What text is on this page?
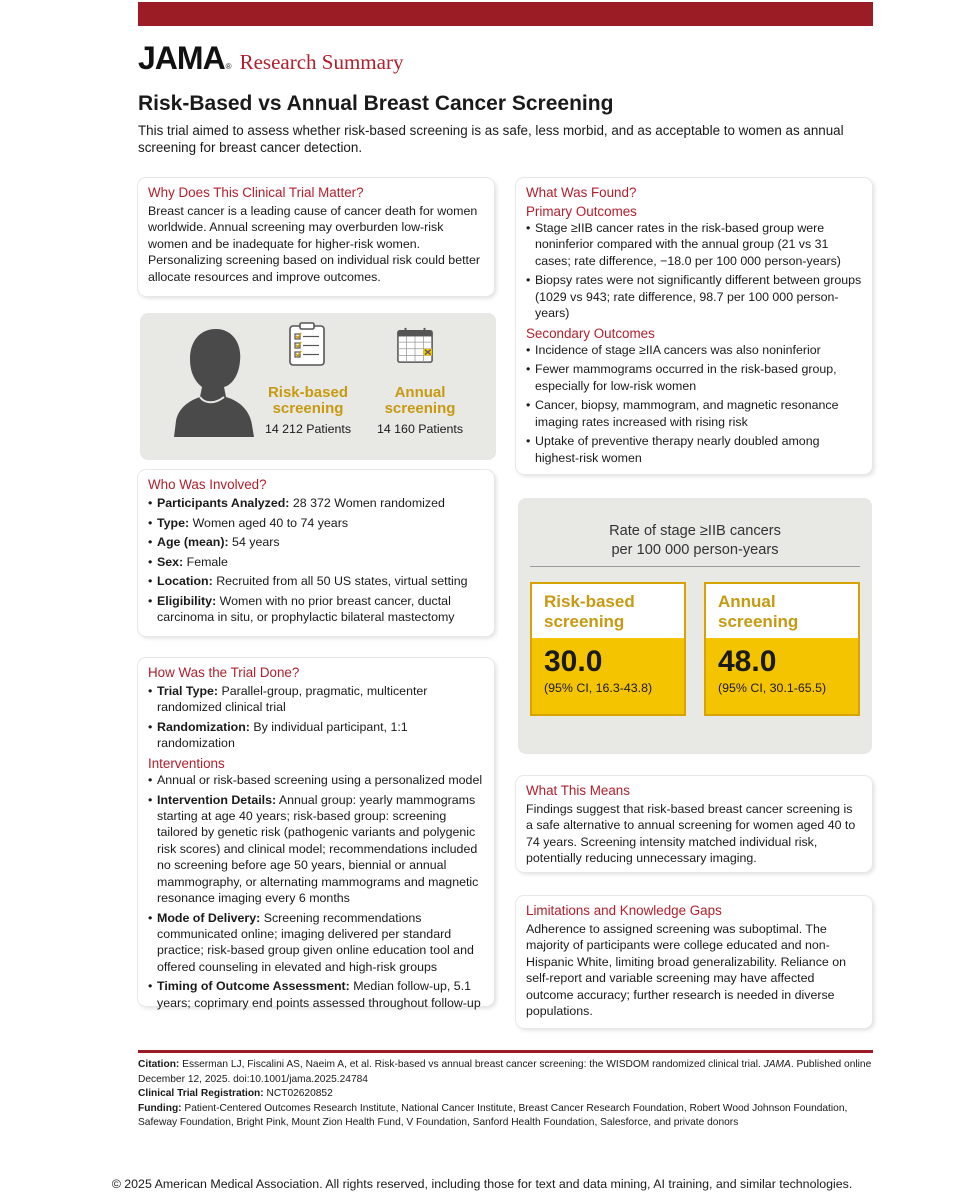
JAMA ® Research Summary
Risk-Based vs Annual Breast Cancer Screening
This trial aimed to assess whether risk-based screening is as safe, less morbid, and as acceptable to women as annual screening for breast cancer detection.
Why Does This Clinical Trial Matter?

Breast cancer is a leading cause of cancer death for women worldwide. Annual screening may overburden low-risk women and be inadequate for higher-risk women. Personalizing screening based on individual risk could better allocate resources and improve outcomes.

Risk-based
screening
14 212 Patients
Annual
screening
14 160 Patients
Who Was Involved?
• Participants Analyzed: 28 372 Women randomized
• Type: Women aged 40 to 74 years
• Age (mean): 54 years
• Sex: Female
• Location: Recruited from all 50 US states, virtual setting
• Eligibility: Women with no prior breast cancer, ductal carcinoma in situ, or prophylactic bilateral mastectomy
How Was the Trial Done?
• Trial Type: Parallel-group, pragmatic, multicenter randomized clinical trial
• Randomization: By individual participant, 1:1 randomization
Interventions
• Annual or risk-based screening using a personalized model
• Intervention Details: Annual group: yearly mammograms starting at age 40 years; risk-based group: screening tailored by genetic risk (pathogenic variants and polygenic risk scores) and clinical model; recommendations included no screening before age 50 years, biennial or annual mammography, or alternating mammograms and magnetic resonance imaging every 6 months
• Mode of Delivery: Screening recommendations communicated online; imaging delivered per standard practice; risk-based group given online education tool and offered counseling in elevated and high-risk groups
• Timing of Outcome Assessment: Median follow-up, 5.1 years; coprimary end points assessed throughout follow-up
What Was Found?
Primary Outcomes
• Stage ≥IIB cancer rates in the risk-based group were noninferior compared with the annual group (21 vs 31 cases; rate difference, −18.0 per 100 000 person-years)
• Biopsy rates were not significantly different between groups (1029 vs 943; rate difference, 98.7 per 100 000 person-years)
Secondary Outcomes
• Incidence of stage ≥IIA cancers was also noninferior
• Fewer mammograms occurred in the risk-based group, especially for low-risk women
• Cancer, biopsy, mammogram, and magnetic resonance imaging rates increased with rising risk
• Uptake of preventive therapy nearly doubled among highest-risk women
Rate of stage ≥IIB cancers
per 100 000 person-years
Risk-based
screening
30.0
(95% CI, 16.3-43.8)
Annual
screening
48.0
(95% CI, 30.1-65.5)
What This Means

Findings suggest that risk-based breast cancer screening is a safe alternative to annual screening for women aged 40 to 74 years. Screening intensity matched individual risk, potentially reducing unnecessary imaging.

Limitations and Knowledge Gaps

Adherence to assigned screening was suboptimal. The majority of participants were college educated and non-Hispanic White, limiting broad generalizability. Reliance on self-report and variable screening may have affected outcome accuracy; further research is needed in diverse populations.

Citation: Esserman LJ, Fiscalini AS, Naeim A, et al. Risk-based vs annual breast cancer screening: the WISDOM randomized clinical trial. JAMA. Published online December 12, 2025. doi:10.1001/jama.2025.24784
Clinical Trial Registration: NCT02620852
Funding: Patient-Centered Outcomes Research Institute, National Cancer Institute, Breast Cancer Research Foundation, Robert Wood Johnson Foundation, Safeway Foundation, Bright Pink, Mount Zion Health Fund, V Foundation, Sanford Health Foundation, Salesforce, and private donors
© 2025 American Medical Association. All rights reserved, including those for text and data mining, AI training, and similar technologies.
